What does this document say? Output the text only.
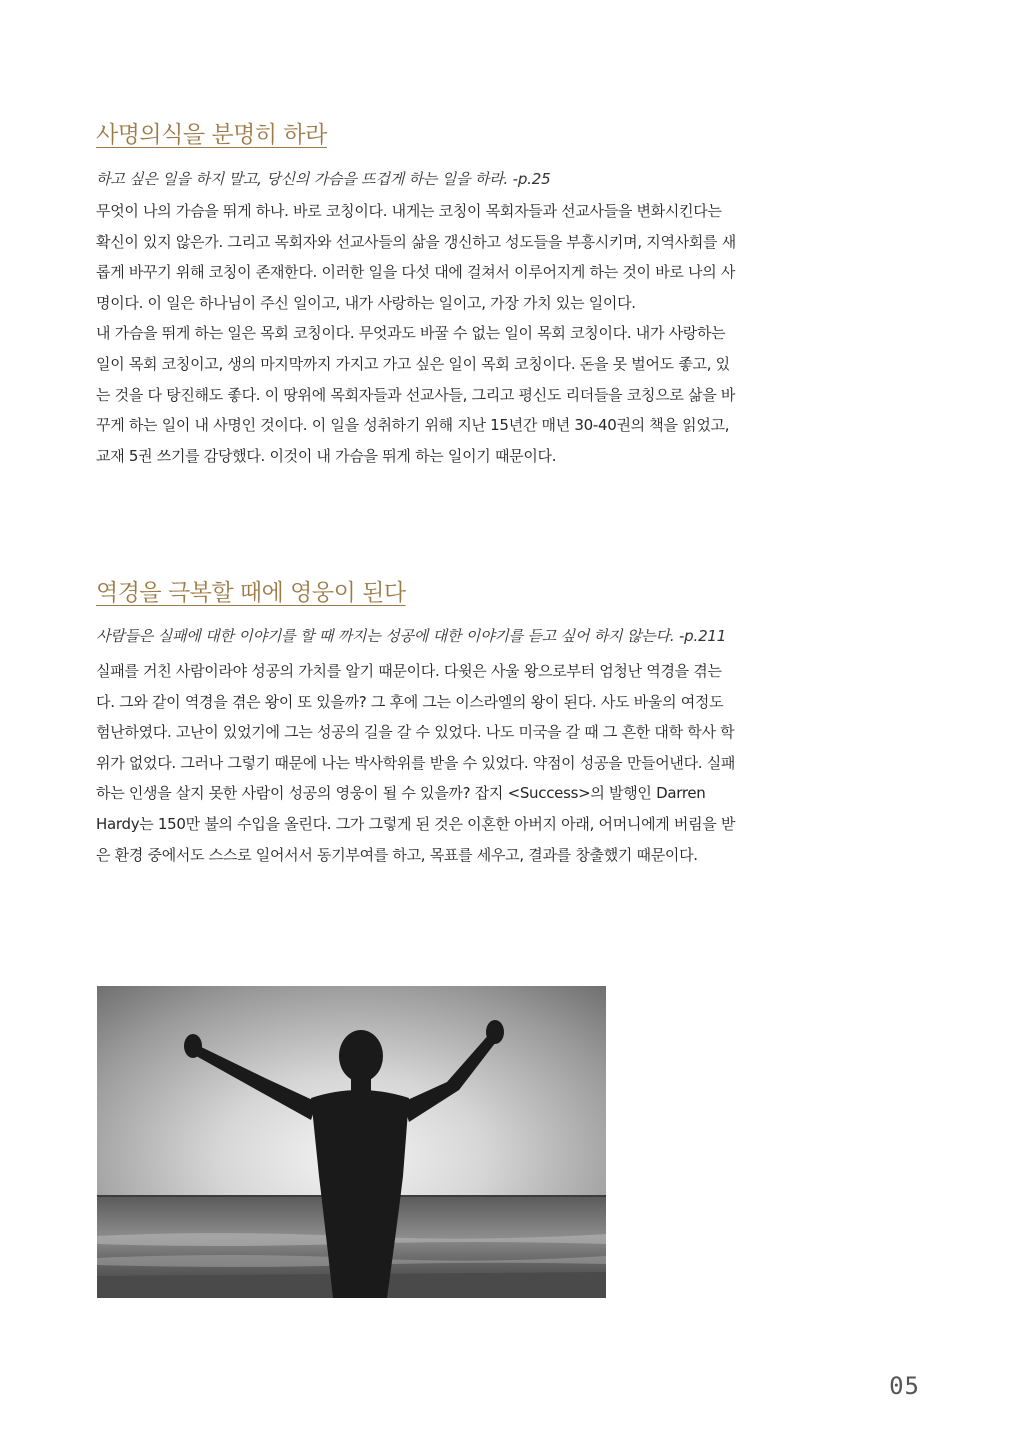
사명의식을 분명히 하라

하고 싶은 일을 하지 말고, 당신의 가슴을 뜨겁게 하는 일을 하라. -p.25

무엇이 나의 가슴을 뛰게 하나. 바로 코칭이다. 내게는 코칭이 목회자들과 선교사들을 변화시킨다는 확신이 있지 않은가. 그리고 목회자와 선교사들의 삶을 갱신하고 성도들을 부흥시키며, 지역사회를 새롭게 바꾸기 위해 코칭이 존재한다. 이러한 일을 다섯 대에 걸쳐서 이루어지게 하는 것이 바로 나의 사명이다. 이 일은 하나님이 주신 일이고, 내가 사랑하는 일이고, 가장 가치 있는 일이다.
내 가슴을 뛰게 하는 일은 목회 코칭이다. 무엇과도 바꿀 수 없는 일이 목회 코칭이다. 내가 사랑하는 일이 목회 코칭이고, 생의 마지막까지 가지고 가고 싶은 일이 목회 코칭이다. 돈을 못 벌어도 좋고, 있는 것을 다 탕진해도 좋다. 이 땅위에 목회자들과 선교사들, 그리고 평신도 리더들을 코칭으로 삶을 바꾸게 하는 일이 내 사명인 것이다. 이 일을 성취하기 위해 지난 15년간 매년 30-40권의 책을 읽었고, 교재 5권 쓰기를 감당했다. 이것이 내 가슴을 뛰게 하는 일이기 때문이다.

역경을 극복할 때에 영웅이 된다

사람들은 실패에 대한 이야기를 할 때 까지는 성공에 대한 이야기를 듣고 싶어 하지 않는다. -p.211

실패를 거친 사람이라야 성공의 가치를 알기 때문이다. 다윗은 사울 왕으로부터 엄청난 역경을 겪는다. 그와 같이 역경을 겪은 왕이 또 있을까? 그 후에 그는 이스라엘의 왕이 된다. 사도 바울의 여정도 험난하였다. 고난이 있었기에 그는 성공의 길을 갈 수 있었다. 나도 미국을 갈 때 그 흔한 대학 학사 학위가 없었다. 그러나 그렇기 때문에 나는 박사학위를 받을 수 있었다. 약점이 성공을 만들어낸다. 실패하는 인생을 살지 못한 사람이 성공의 영웅이 될 수 있을까? 잡지 <Success>의 발행인 Darren Hardy는 150만 불의 수입을 올린다. 그가 그렇게 된 것은 이혼한 아버지 아래, 어머니에게 버림을 받은 환경 중에서도 스스로 일어서서 동기부여를 하고, 목표를 세우고, 결과를 창출했기 때문이다.

05
